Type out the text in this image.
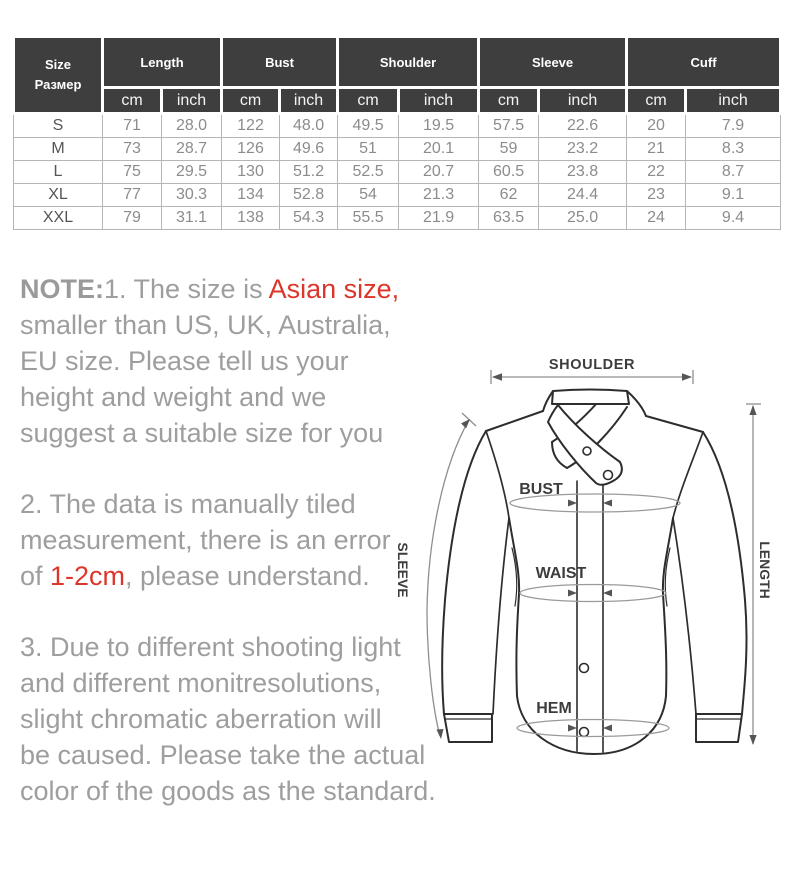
Size
Размер	Length		Bust		Shoulder		Sleeve		Cuff	
	cm	inch	cm	inch	cm	inch	cm	inch	cm	inch
S	71	28.0	122	48.0	49.5	19.5	57.5	22.6	20	7.9
M	73	28.7	126	49.6	51	20.1	59	23.2	21	8.3
L	75	29.5	130	51.2	52.5	20.7	60.5	23.8	22	8.7
XL	77	30.3	134	52.8	54	21.3	62	24.4	23	9.1
XXL	79	31.1	138	54.3	55.5	21.9	63.5	25.0	24	9.4

NOTE:1. The size is Asian size,
smaller than US, UK, Australia,
EU size. Please tell us your
height and weight and we
suggest a suitable size for you

2. The data is manually tiled
measurement, there is an error
of 1-2cm, please understand.

3. Due to different shooting light
and different monitresolutions,
slight chromatic aberration will
be caused. Please take the actual
color of the goods as the standard.

SHOULDER
BUST
WAIST
HEM
SLEEVE	LENGTH
